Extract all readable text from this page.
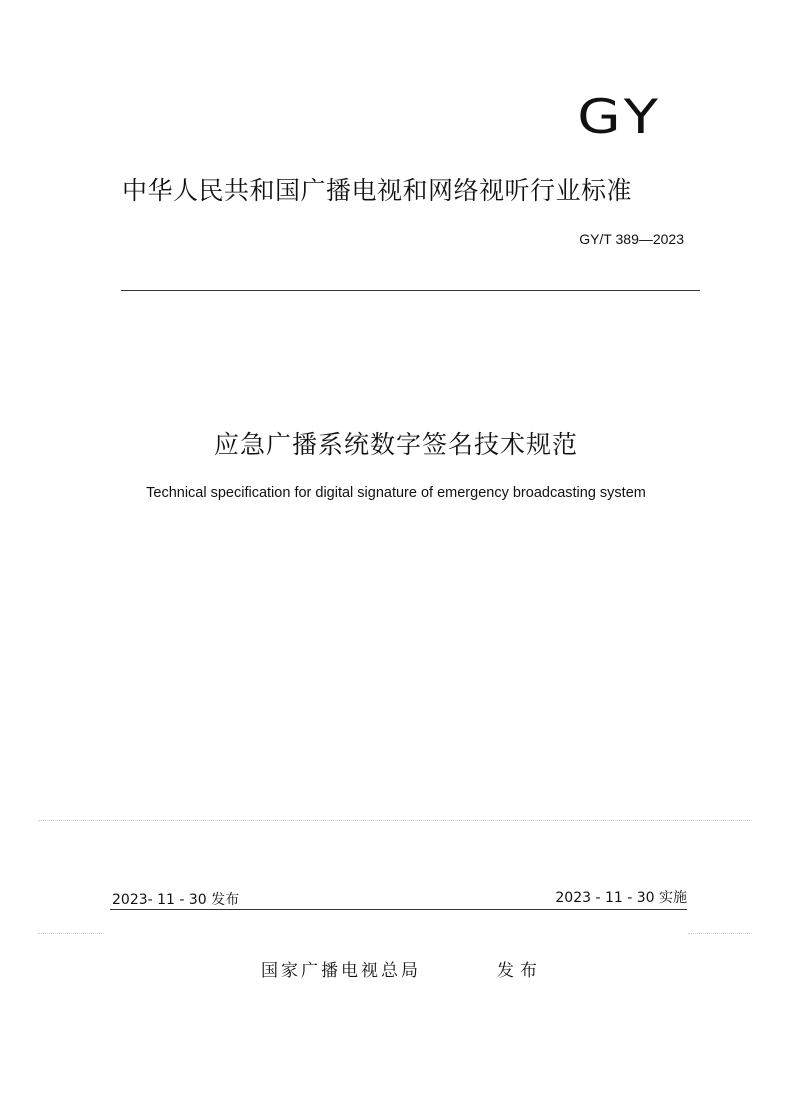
GY
中华人民共和国广播电视和网络视听行业标准
GY/T 389—2023
应急广播系统数字签名技术规范
Technical specification for digital signature of emergency broadcasting system
2023- 11 - 30 发布	2023 - 11 - 30 实施
国家广播电视总局	发布
